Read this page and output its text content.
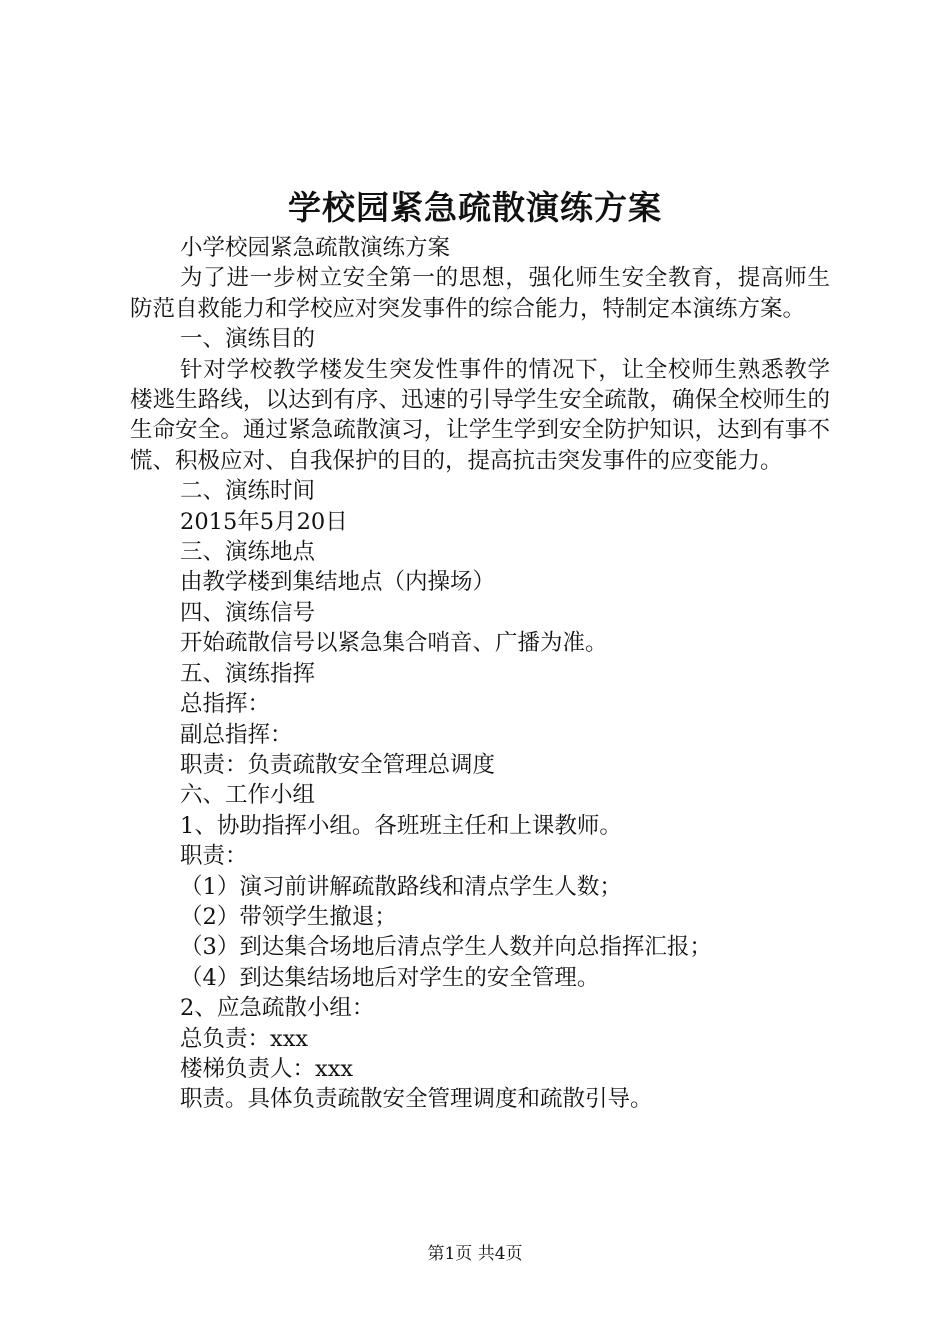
学校园紧急疏散演练方案

小学校园紧急疏散演练方案

为了进一步树立安全第一的思想，强化师生安全教育，提高师生防范自救能力和学校应对突发事件的综合能力，特制定本演练方案。

一、演练目的

针对学校教学楼发生突发性事件的情况下，让全校师生熟悉教学楼逃生路线，以达到有序、迅速的引导学生安全疏散，确保全校师生的生命安全。通过紧急疏散演习，让学生学到安全防护知识，达到有事不慌、积极应对、自我保护的目的，提高抗击突发事件的应变能力。

二、演练时间

2015年5月20日

三、演练地点

由教学楼到集结地点（内操场）

四、演练信号

开始疏散信号以紧急集合哨音、广播为准。

五、演练指挥

总指挥：

副总指挥：

职责：负责疏散安全管理总调度

六、工作小组

1、协助指挥小组。各班班主任和上课教师。

职责：

（1）演习前讲解疏散路线和清点学生人数；

（2）带领学生撤退；

（3）到达集合场地后清点学生人数并向总指挥汇报；

（4）到达集结场地后对学生的安全管理。

2、应急疏散小组：

总负责：xxx

楼梯负责人：xxx

职责。具体负责疏散安全管理调度和疏散引导。

第1页 共4页
